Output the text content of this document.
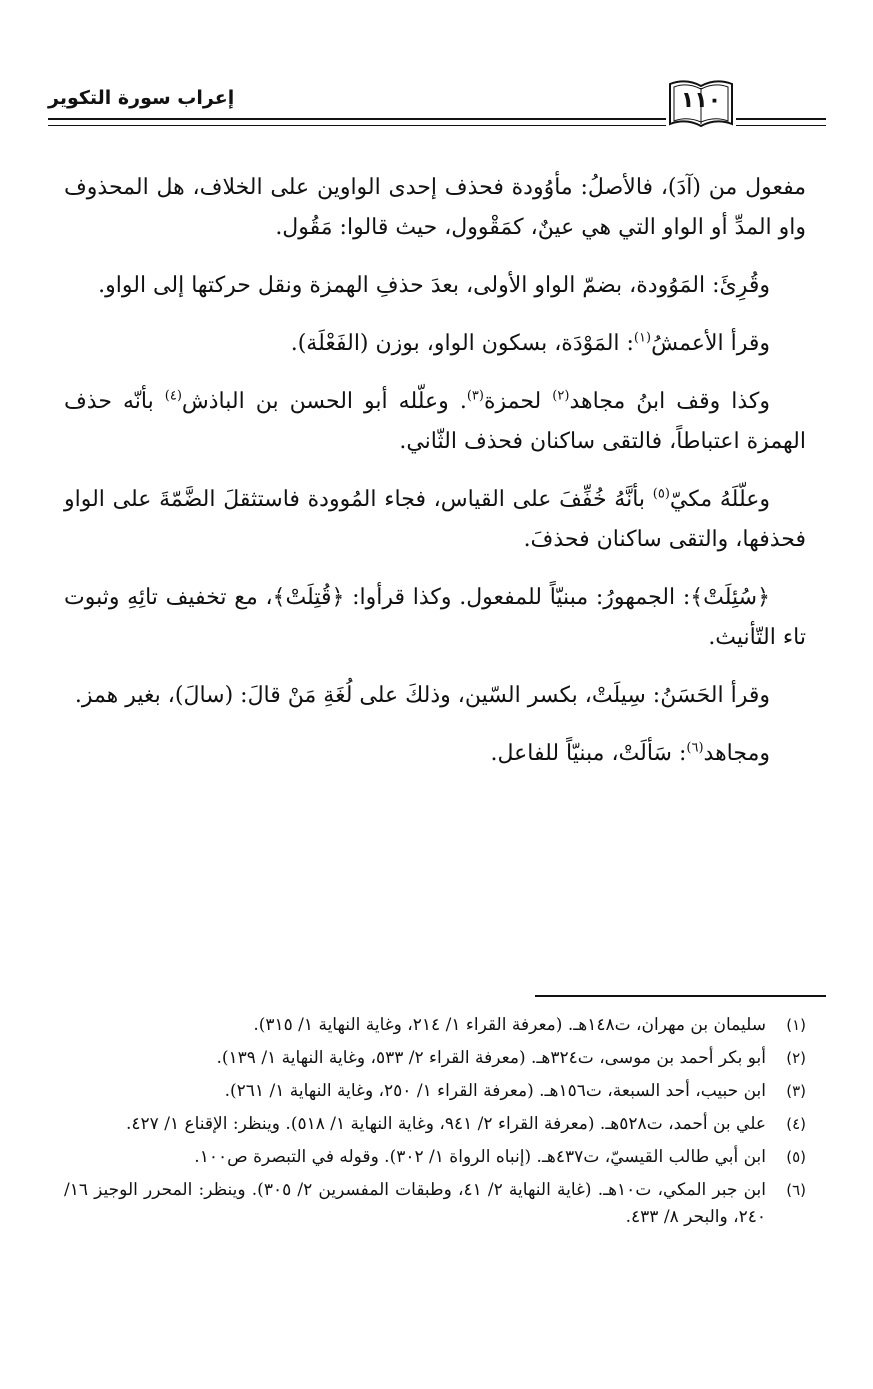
إعراب سورة التكوير	١١٠

مفعول من (آدَ)، فالأصلُ: مأوُودة فحذف إحدى الواوين على الخلاف، هل المحذوف واو المدِّ أو الواو التي هي عينٌ، كمَقْوول، حيث قالوا: مَقُول.

وقُرِئَ: المَوُودة، بضمّ الواو الأولى، بعدَ حذفِ الهمزة ونقل حركتها إلى الواو.

وقرأ الأعمشُ$^{(١)}$: المَوْدَة، بسكون الواو، بوزن (الفَعْلَة).

وكذا وقف ابنُ مجاهد$^{(٢)}$ لحمزة$^{(٣)}$. وعلّله أبو الحسن بن الباذش$^{(٤)}$ بأنّه حذف الهمزة اعتباطاً، فالتقى ساكنان فحذف الثّاني.

وعلّلَهُ مكيّ$^{(٥)}$ بأنَّهُ خُفِّفَ على القياس، فجاء المُوودة فاستثقلَ الضَّمّةَ على الواو فحذفها، والتقى ساكنان فحذفَ.

﴿سُئِلَتْ﴾: الجمهورُ: مبنيّاً للمفعول. وكذا قرأوا: ﴿قُتِلَتْ﴾، مع تخفيف تائِهِ وثبوت تاء التّأنيث.

وقرأ الحَسَنُ: سِيلَتْ، بكسر السّين، وذلكَ على لُغَةِ مَنْ قالَ: (سالَ)، بغير همز.

ومجاهد$^{(٦)}$: سَألَتْ، مبنيّاً للفاعل.

(١)
سليمان بن مهران، ت١٤٨هـ. (معرفة القراء ١/ ٢١٤، وغاية النهاية ١/ ٣١٥).
(٢)
أبو بكر أحمد بن موسى، ت٣٢٤هـ. (معرفة القراء ٢/ ٥٣٣، وغاية النهاية ١/ ١٣٩).
(٣)
ابن حبيب، أحد السبعة، ت١٥٦هـ. (معرفة القراء ١/ ٢٥٠، وغاية النهاية ١/ ٢٦١).
(٤)
علي بن أحمد، ت٥٢٨هـ. (معرفة القراء ٢/ ٩٤١، وغاية النهاية ١/ ٥١٨). وينظر: الإقناع ١/ ٤٢٧.
(٥)
ابن أبي طالب القيسيّ، ت٤٣٧هـ. (إنباه الرواة ١/ ٣٠٢). وقوله في التبصرة ص١٠٠.
(٦)
ابن جبر المكي، ت١٠هـ. (غاية النهاية ٢/ ٤١، وطبقات المفسرين ٢/ ٣٠٥). وينظر: المحرر الوجيز ١٦/ ٢٤٠، والبحر ٨/ ٤٣٣.
